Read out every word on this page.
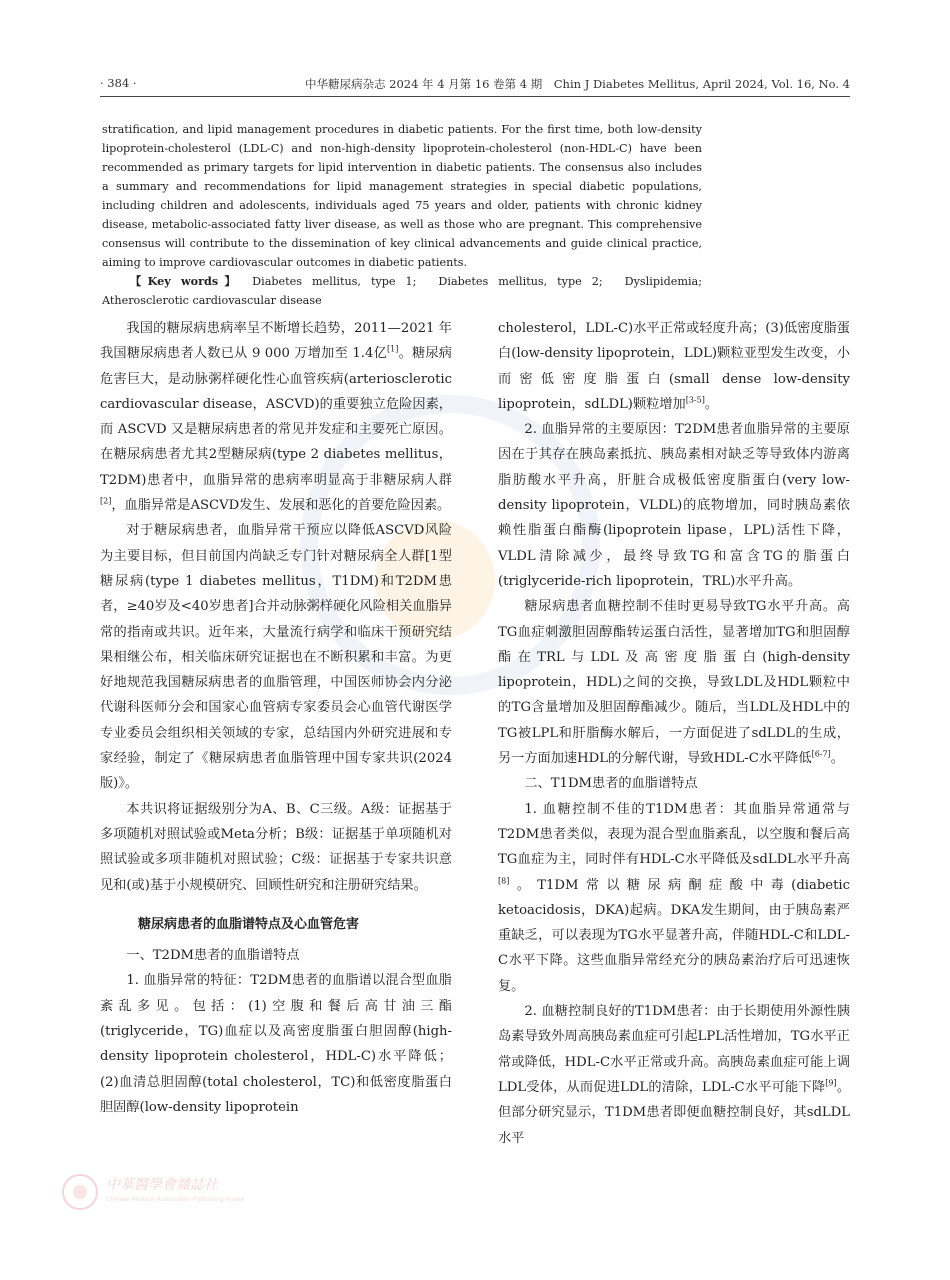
· 384 ·	中华糖尿病杂志 2024 年 4 月第 16 卷第 4 期　Chin J Diabetes Mellitus, April 2024, Vol. 16, No. 4

stratification, and lipid management procedures in diabetic patients. For the first time, both low-density lipoprotein-cholesterol (LDL-C) and non-high-density lipoprotein-cholesterol (non-HDL-C) have been recommended as primary targets for lipid intervention in diabetic patients. The consensus also includes a summary and recommendations for lipid management strategies in special diabetic populations, including children and adolescents, individuals aged 75 years and older, patients with chronic kidney disease, metabolic-associated fatty liver disease, as well as those who are pregnant. This comprehensive consensus will contribute to the dissemination of key clinical advancements and guide clinical practice, aiming to improve cardiovascular outcomes in diabetic patients.

【Key words】 Diabetes mellitus, type 1; Diabetes mellitus, type 2; Dyslipidemia; Atherosclerotic cardiovascular disease

我国的糖尿病患病率呈不断增长趋势，2011—2021 年我国糖尿病患者人数已从 9 000 万增加至 1.4亿[1]。糖尿病危害巨大，是动脉粥样硬化性心血管疾病(arteriosclerotic cardiovascular disease，ASCVD)的重要独立危险因素，而 ASCVD 又是糖尿病患者的常见并发症和主要死亡原因。在糖尿病患者尤其2型糖尿病(type 2 diabetes mellitus，T2DM)患者中，血脂异常的患病率明显高于非糖尿病人群[2]，血脂异常是ASCVD发生、发展和恶化的首要危险因素。

对于糖尿病患者，血脂异常干预应以降低ASCVD风险为主要目标，但目前国内尚缺乏专门针对糖尿病全人群[1型糖尿病(type 1 diabetes mellitus，T1DM)和T2DM患者，≥40岁及<40岁患者]合并动脉粥样硬化风险相关血脂异常的指南或共识。近年来，大量流行病学和临床干预研究结果相继公布，相关临床研究证据也在不断积累和丰富。为更好地规范我国糖尿病患者的血脂管理，中国医师协会内分泌代谢科医师分会和国家心血管病专家委员会心血管代谢医学专业委员会组织相关领域的专家，总结国内外研究进展和专家经验，制定了《糖尿病患者血脂管理中国专家共识(2024版)》。

本共识将证据级别分为A、B、C三级。A级：证据基于多项随机对照试验或Meta分析；B级：证据基于单项随机对照试验或多项非随机对照试验；C级：证据基于专家共识意见和(或)基于小规模研究、回顾性研究和注册研究结果。

糖尿病患者的血脂谱特点及心血管危害

一、T2DM患者的血脂谱特点

1. 血脂异常的特征：T2DM患者的血脂谱以混合型血脂紊乱多见。包括：(1)空腹和餐后高甘油三酯(triglyceride，TG)血症以及高密度脂蛋白胆固醇(high-density lipoprotein cholesterol，HDL-C)水平降低；(2)血清总胆固醇(total cholesterol，TC)和低密度脂蛋白胆固醇(low-density lipoprotein

cholesterol，LDL-C)水平正常或轻度升高；(3)低密度脂蛋白(low-density lipoprotein，LDL)颗粒亚型发生改变，小而密低密度脂蛋白(small dense low-density lipoprotein，sdLDL)颗粒增加[3-5]。

2. 血脂异常的主要原因：T2DM患者血脂异常的主要原因在于其存在胰岛素抵抗、胰岛素相对缺乏等导致体内游离脂肪酸水平升高，肝脏合成极低密度脂蛋白(very low-density lipoprotein，VLDL)的底物增加，同时胰岛素依赖性脂蛋白酯酶(lipoprotein lipase，LPL)活性下降，VLDL清除减少，最终导致TG和富含TG的脂蛋白(triglyceride-rich lipoprotein，TRL)水平升高。

糖尿病患者血糖控制不佳时更易导致TG水平升高。高TG血症刺激胆固醇酯转运蛋白活性，显著增加TG和胆固醇酯在TRL与LDL及高密度脂蛋白(high-density lipoprotein，HDL)之间的交换，导致LDL及HDL颗粒中的TG含量增加及胆固醇酯减少。随后，当LDL及HDL中的TG被LPL和肝脂酶水解后，一方面促进了sdLDL的生成，另一方面加速HDL的分解代谢，导致HDL-C水平降低[6-7]。

二、T1DM患者的血脂谱特点

1. 血糖控制不佳的T1DM患者：其血脂异常通常与T2DM患者类似，表现为混合型血脂紊乱，以空腹和餐后高TG血症为主，同时伴有HDL-C水平降低及sdLDL水平升高[8]。T1DM常以糖尿病酮症酸中毒(diabetic ketoacidosis，DKA)起病。DKA发生期间，由于胰岛素严重缺乏，可以表现为TG水平显著升高，伴随HDL-C和LDL-C水平下降。这些血脂异常经充分的胰岛素治疗后可迅速恢复。

2. 血糖控制良好的T1DM患者：由于长期使用外源性胰岛素导致外周高胰岛素血症可引起LPL活性增加，TG水平正常或降低，HDL-C水平正常或升高。高胰岛素血症可能上调LDL受体，从而促进LDL的清除，LDL-C水平可能下降[9]。但部分研究显示，T1DM患者即便血糖控制良好，其sdLDL水平

中華醫學會雜誌社
Chinese Medical Association Publishing House
